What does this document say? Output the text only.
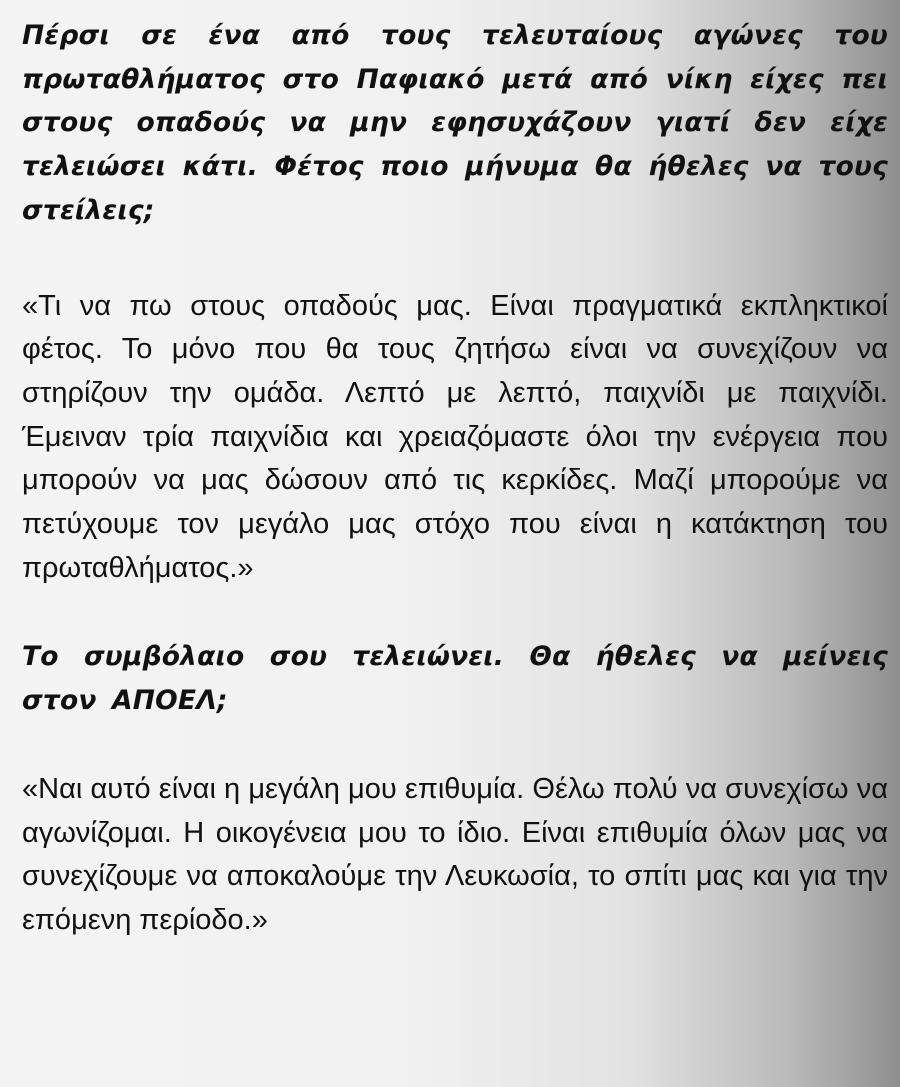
Πέρσι σε ένα από τους τελευταίους αγώνες του πρωταθλήματος στο Παφιακό μετά από νίκη είχες πει στους οπαδούς να μην εφησυχάζουν γιατί δεν είχε τελειώσει κάτι. Φέτος ποιο μήνυμα θα ήθελες να τους στείλεις;

«Τι να πω στους οπαδούς μας. Είναι πραγματικά εκπληκτικοί φέτος. Το μόνο που θα τους ζητήσω είναι να συνεχίζουν να στηρίζουν την ομάδα. Λεπτό με λεπτό, παιχνίδι με παιχνίδι. Έμειναν τρία παιχνίδια και χρειαζόμαστε όλοι την ενέργεια που μπορούν να μας δώσουν από τις κερκίδες. Μαζί μπορούμε να πετύχουμε τον μεγάλο μας στόχο που είναι η κατάκτηση του πρωταθλήματος.»

Το συμβόλαιο σου τελειώνει. Θα ήθελες να μείνεις στον ΑΠΟΕΛ;

«Ναι αυτό είναι η μεγάλη μου επιθυμία. Θέλω πολύ να συνεχίσω να αγωνίζομαι. Η οικογένεια μου το ίδιο. Είναι επιθυμία όλων μας να συνεχίζουμε να αποκαλούμε την Λευκωσία, το σπίτι μας και για την επόμενη περίοδο.»
